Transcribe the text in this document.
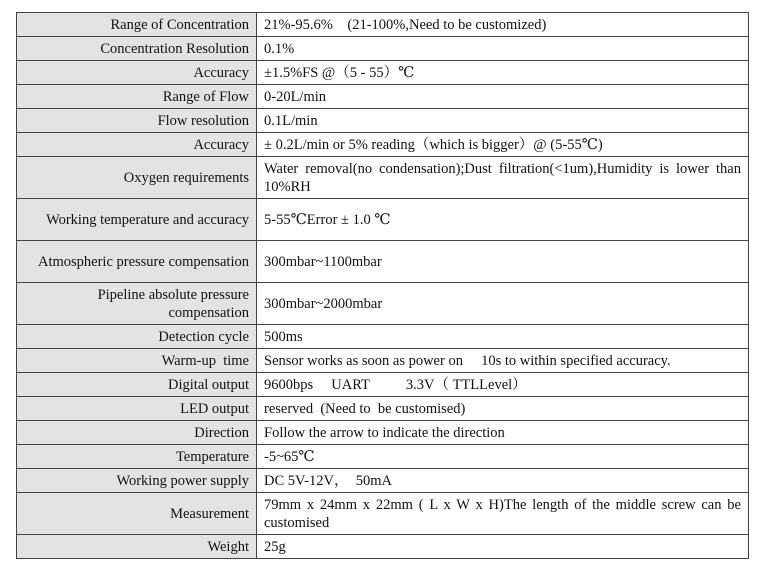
Range of Concentration	21%-95.6%    (21-100%,Need to be customized)
Concentration Resolution	0.1%
Accuracy	±1.5%FS @（5 - 55）℃
Range of Flow	0-20L/min
Flow resolution	0.1L/min
Accuracy	± 0.2L/min or 5% reading（which is bigger）@ (5-55℃)
Oxygen requirements	Water removal(no condensation);Dust filtration(<1um),Humidity is lower than 10%RH
Working temperature and accuracy	5-55℃Error ± 1.0 ℃
Atmospheric pressure compensation	300mbar~1100mbar
Pipeline absolute pressure compensation	300mbar~2000mbar
Detection cycle	500ms
Warm-up  time	Sensor works as soon as power on     10s to within specified accuracy.
Digital output	9600bps     UART          3.3V（ TTLLevel）
LED output	reserved  (Need to  be customised)
Direction	Follow the arrow to indicate the direction
Temperature	-5~65℃
Working power supply	DC 5V-12V，  50mA
Measurement	79mm x 24mm x 22mm ( L x W x H)The length of the middle screw can be customised
Weight	25g
